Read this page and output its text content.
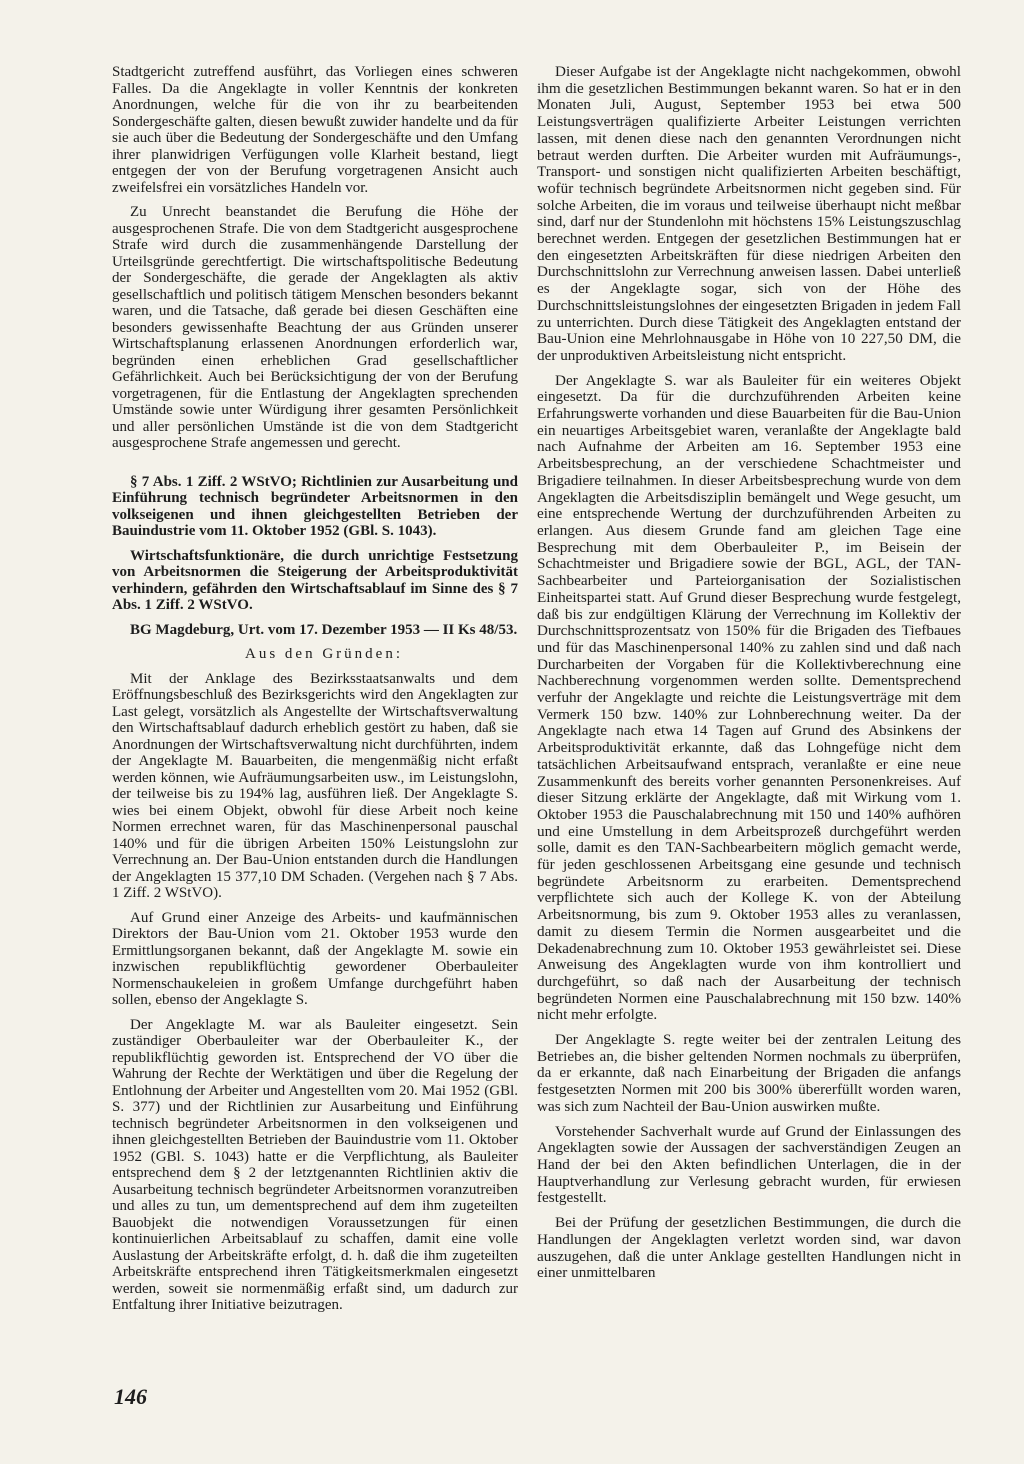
Stadtgericht zutreffend ausführt, das Vorliegen eines schweren Falles. Da die Angeklagte in voller Kenntnis der konkreten Anordnungen, welche für die von ihr zu bearbeitenden Sondergeschäfte galten, diesen bewußt zuwider handelte und da für sie auch über die Bedeutung der Sondergeschäfte und den Umfang ihrer planwidrigen Verfügungen volle Klarheit bestand, liegt entgegen der von der Berufung vorgetragenen Ansicht auch zweifelsfrei ein vorsätzliches Handeln vor.

Zu Unrecht beanstandet die Berufung die Höhe der ausgesprochenen Strafe. Die von dem Stadtgericht ausgesprochene Strafe wird durch die zusammenhängende Darstellung der Urteilsgründe gerechtfertigt. Die wirtschaftspolitische Bedeutung der Sondergeschäfte, die gerade der Angeklagten als aktiv gesellschaftlich und politisch tätigem Menschen besonders bekannt waren, und die Tatsache, daß gerade bei diesen Geschäften eine besonders gewissenhafte Beachtung der aus Gründen unserer Wirtschaftsplanung erlassenen Anordnungen erforderlich war, begründen einen erheblichen Grad gesellschaftlicher Gefährlichkeit. Auch bei Berücksichtigung der von der Berufung vorgetragenen, für die Entlastung der Angeklagten sprechenden Umstände sowie unter Würdigung ihrer gesamten Persönlichkeit und aller persönlichen Umstände ist die von dem Stadtgericht ausgesprochene Strafe angemessen und gerecht.

§ 7 Abs. 1 Ziff. 2 WStVO; Richtlinien zur Ausarbeitung und Einführung technisch begründeter Arbeitsnormen in den volkseigenen und ihnen gleichgestellten Betrieben der Bauindustrie vom 11. Oktober 1952 (GBl. S. 1043).

Wirtschaftsfunktionäre, die durch unrichtige Festsetzung von Arbeitsnormen die Steigerung der Arbeitsproduktivität verhindern, gefährden den Wirtschaftsablauf im Sinne des § 7 Abs. 1 Ziff. 2 WStVO.

BG Magdeburg, Urt. vom 17. Dezember 1953 — II Ks 48/53.

Aus den Gründen:

Mit der Anklage des Bezirksstaatsanwalts und dem Eröffnungsbeschluß des Bezirksgerichts wird den Angeklagten zur Last gelegt, vorsätzlich als Angestellte der Wirtschaftsverwaltung den Wirtschaftsablauf dadurch erheblich gestört zu haben, daß sie Anordnungen der Wirtschaftsverwaltung nicht durchführten, indem der Angeklagte M. Bauarbeiten, die mengenmäßig nicht erfaßt werden können, wie Aufräumungsarbeiten usw., im Leistungslohn, der teilweise bis zu 194% lag, ausführen ließ. Der Angeklagte S. wies bei einem Objekt, obwohl für diese Arbeit noch keine Normen errechnet waren, für das Maschinenpersonal pauschal 140% und für die übrigen Arbeiten 150% Leistungslohn zur Verrechnung an. Der Bau-Union entstanden durch die Handlungen der Angeklagten 15 377,10 DM Schaden. (Vergehen nach § 7 Abs. 1 Ziff. 2 WStVO).

Auf Grund einer Anzeige des Arbeits- und kaufmännischen Direktors der Bau-Union vom 21. Oktober 1953 wurde den Ermittlungsorganen bekannt, daß der Angeklagte M. sowie ein inzwischen republikflüchtig gewordener Oberbauleiter Normenschaukeleien in großem Umfange durchgeführt haben sollen, ebenso der Angeklagte S.

Der Angeklagte M. war als Bauleiter eingesetzt. Sein zuständiger Oberbauleiter war der Oberbauleiter K., der republikflüchtig geworden ist. Entsprechend der VO über die Wahrung der Rechte der Werktätigen und über die Regelung der Entlohnung der Arbeiter und Angestellten vom 20. Mai 1952 (GBl. S. 377) und der Richtlinien zur Ausarbeitung und Einführung technisch begründeter Arbeitsnormen in den volkseigenen und ihnen gleichgestellten Betrieben der Bauindustrie vom 11. Oktober 1952 (GBl. S. 1043) hatte er die Verpflichtung, als Bauleiter entsprechend dem § 2 der letztgenannten Richtlinien aktiv die Ausarbeitung technisch begründeter Arbeitsnormen voranzutreiben und alles zu tun, um dementsprechend auf dem ihm zugeteilten Bauobjekt die notwendigen Voraussetzungen für einen kontinuierlichen Arbeitsablauf zu schaffen, damit eine volle Auslastung der Arbeitskräfte erfolgt, d. h. daß die ihm zugeteilten Arbeitskräfte entsprechend ihren Tätigkeitsmerkmalen eingesetzt werden, soweit sie normenmäßig erfaßt sind, um dadurch zur Entfaltung ihrer Initiative beizutragen.

Dieser Aufgabe ist der Angeklagte nicht nachgekommen, obwohl ihm die gesetzlichen Bestimmungen bekannt waren. So hat er in den Monaten Juli, August, September 1953 bei etwa 500 Leistungsverträgen qualifizierte Arbeiter Leistungen verrichten lassen, mit denen diese nach den genannten Verordnungen nicht betraut werden durften. Die Arbeiter wurden mit Aufräumungs-, Transport- und sonstigen nicht qualifizierten Arbeiten beschäftigt, wofür technisch begründete Arbeitsnormen nicht gegeben sind. Für solche Arbeiten, die im voraus und teilweise überhaupt nicht meßbar sind, darf nur der Stundenlohn mit höchstens 15% Leistungszuschlag berechnet werden. Entgegen der gesetzlichen Bestimmungen hat er den eingesetzten Arbeitskräften für diese niedrigen Arbeiten den Durchschnittslohn zur Verrechnung anweisen lassen. Dabei unterließ es der Angeklagte sogar, sich von der Höhe des Durchschnittsleistungslohnes der eingesetzten Brigaden in jedem Fall zu unterrichten. Durch diese Tätigkeit des Angeklagten entstand der Bau-Union eine Mehrlohnausgabe in Höhe von 10 227,50 DM, die der unproduktiven Arbeitsleistung nicht entspricht.

Der Angeklagte S. war als Bauleiter für ein weiteres Objekt eingesetzt. Da für die durchzuführenden Arbeiten keine Erfahrungswerte vorhanden und diese Bauarbeiten für die Bau-Union ein neuartiges Arbeitsgebiet waren, veranlaßte der Angeklagte bald nach Aufnahme der Arbeiten am 16. September 1953 eine Arbeitsbesprechung, an der verschiedene Schachtmeister und Brigadiere teilnahmen. In dieser Arbeitsbesprechung wurde von dem Angeklagten die Arbeitsdisziplin bemängelt und Wege gesucht, um eine entsprechende Wertung der durchzuführenden Arbeiten zu erlangen. Aus diesem Grunde fand am gleichen Tage eine Besprechung mit dem Oberbauleiter P., im Beisein der Schachtmeister und Brigadiere sowie der BGL, AGL, der TAN-Sachbearbeiter und Parteiorganisation der Sozialistischen Einheitspartei statt. Auf Grund dieser Besprechung wurde festgelegt, daß bis zur endgültigen Klärung der Verrechnung im Kollektiv der Durchschnittsprozentsatz von 150% für die Brigaden des Tiefbaues und für das Maschinenpersonal 140% zu zahlen sind und daß nach Durcharbeiten der Vorgaben für die Kollektivberechnung eine Nachberechnung vorgenommen werden sollte. Dementsprechend verfuhr der Angeklagte und reichte die Leistungsverträge mit dem Vermerk 150 bzw. 140% zur Lohnberechnung weiter. Da der Angeklagte nach etwa 14 Tagen auf Grund des Absinkens der Arbeitsproduktivität erkannte, daß das Lohngefüge nicht dem tatsächlichen Arbeitsaufwand entsprach, veranlaßte er eine neue Zusammenkunft des bereits vorher genannten Personenkreises. Auf dieser Sitzung erklärte der Angeklagte, daß mit Wirkung vom 1. Oktober 1953 die Pauschalabrechnung mit 150 und 140% aufhören und eine Umstellung in dem Arbeitsprozeß durchgeführt werden solle, damit es den TAN-Sachbearbeitern möglich gemacht werde, für jeden geschlossenen Arbeitsgang eine gesunde und technisch begründete Arbeitsnorm zu erarbeiten. Dementsprechend verpflichtete sich auch der Kollege K. von der Abteilung Arbeitsnormung, bis zum 9. Oktober 1953 alles zu veranlassen, damit zu diesem Termin die Normen ausgearbeitet und die Dekadenabrechnung zum 10. Oktober 1953 gewährleistet sei. Diese Anweisung des Angeklagten wurde von ihm kontrolliert und durchgeführt, so daß nach der Ausarbeitung der technisch begründeten Normen eine Pauschalabrechnung mit 150 bzw. 140% nicht mehr erfolgte.

Der Angeklagte S. regte weiter bei der zentralen Leitung des Betriebes an, die bisher geltenden Normen nochmals zu überprüfen, da er erkannte, daß nach Einarbeitung der Brigaden die anfangs festgesetzten Normen mit 200 bis 300% übererfüllt worden waren, was sich zum Nachteil der Bau-Union auswirken mußte.

Vorstehender Sachverhalt wurde auf Grund der Einlassungen des Angeklagten sowie der Aussagen der sachverständigen Zeugen an Hand der bei den Akten befindlichen Unterlagen, die in der Hauptverhandlung zur Verlesung gebracht wurden, für erwiesen festgestellt.

Bei der Prüfung der gesetzlichen Bestimmungen, die durch die Handlungen der Angeklagten verletzt worden sind, war davon auszugehen, daß die unter Anklage gestellten Handlungen nicht in einer unmittelbaren

146
